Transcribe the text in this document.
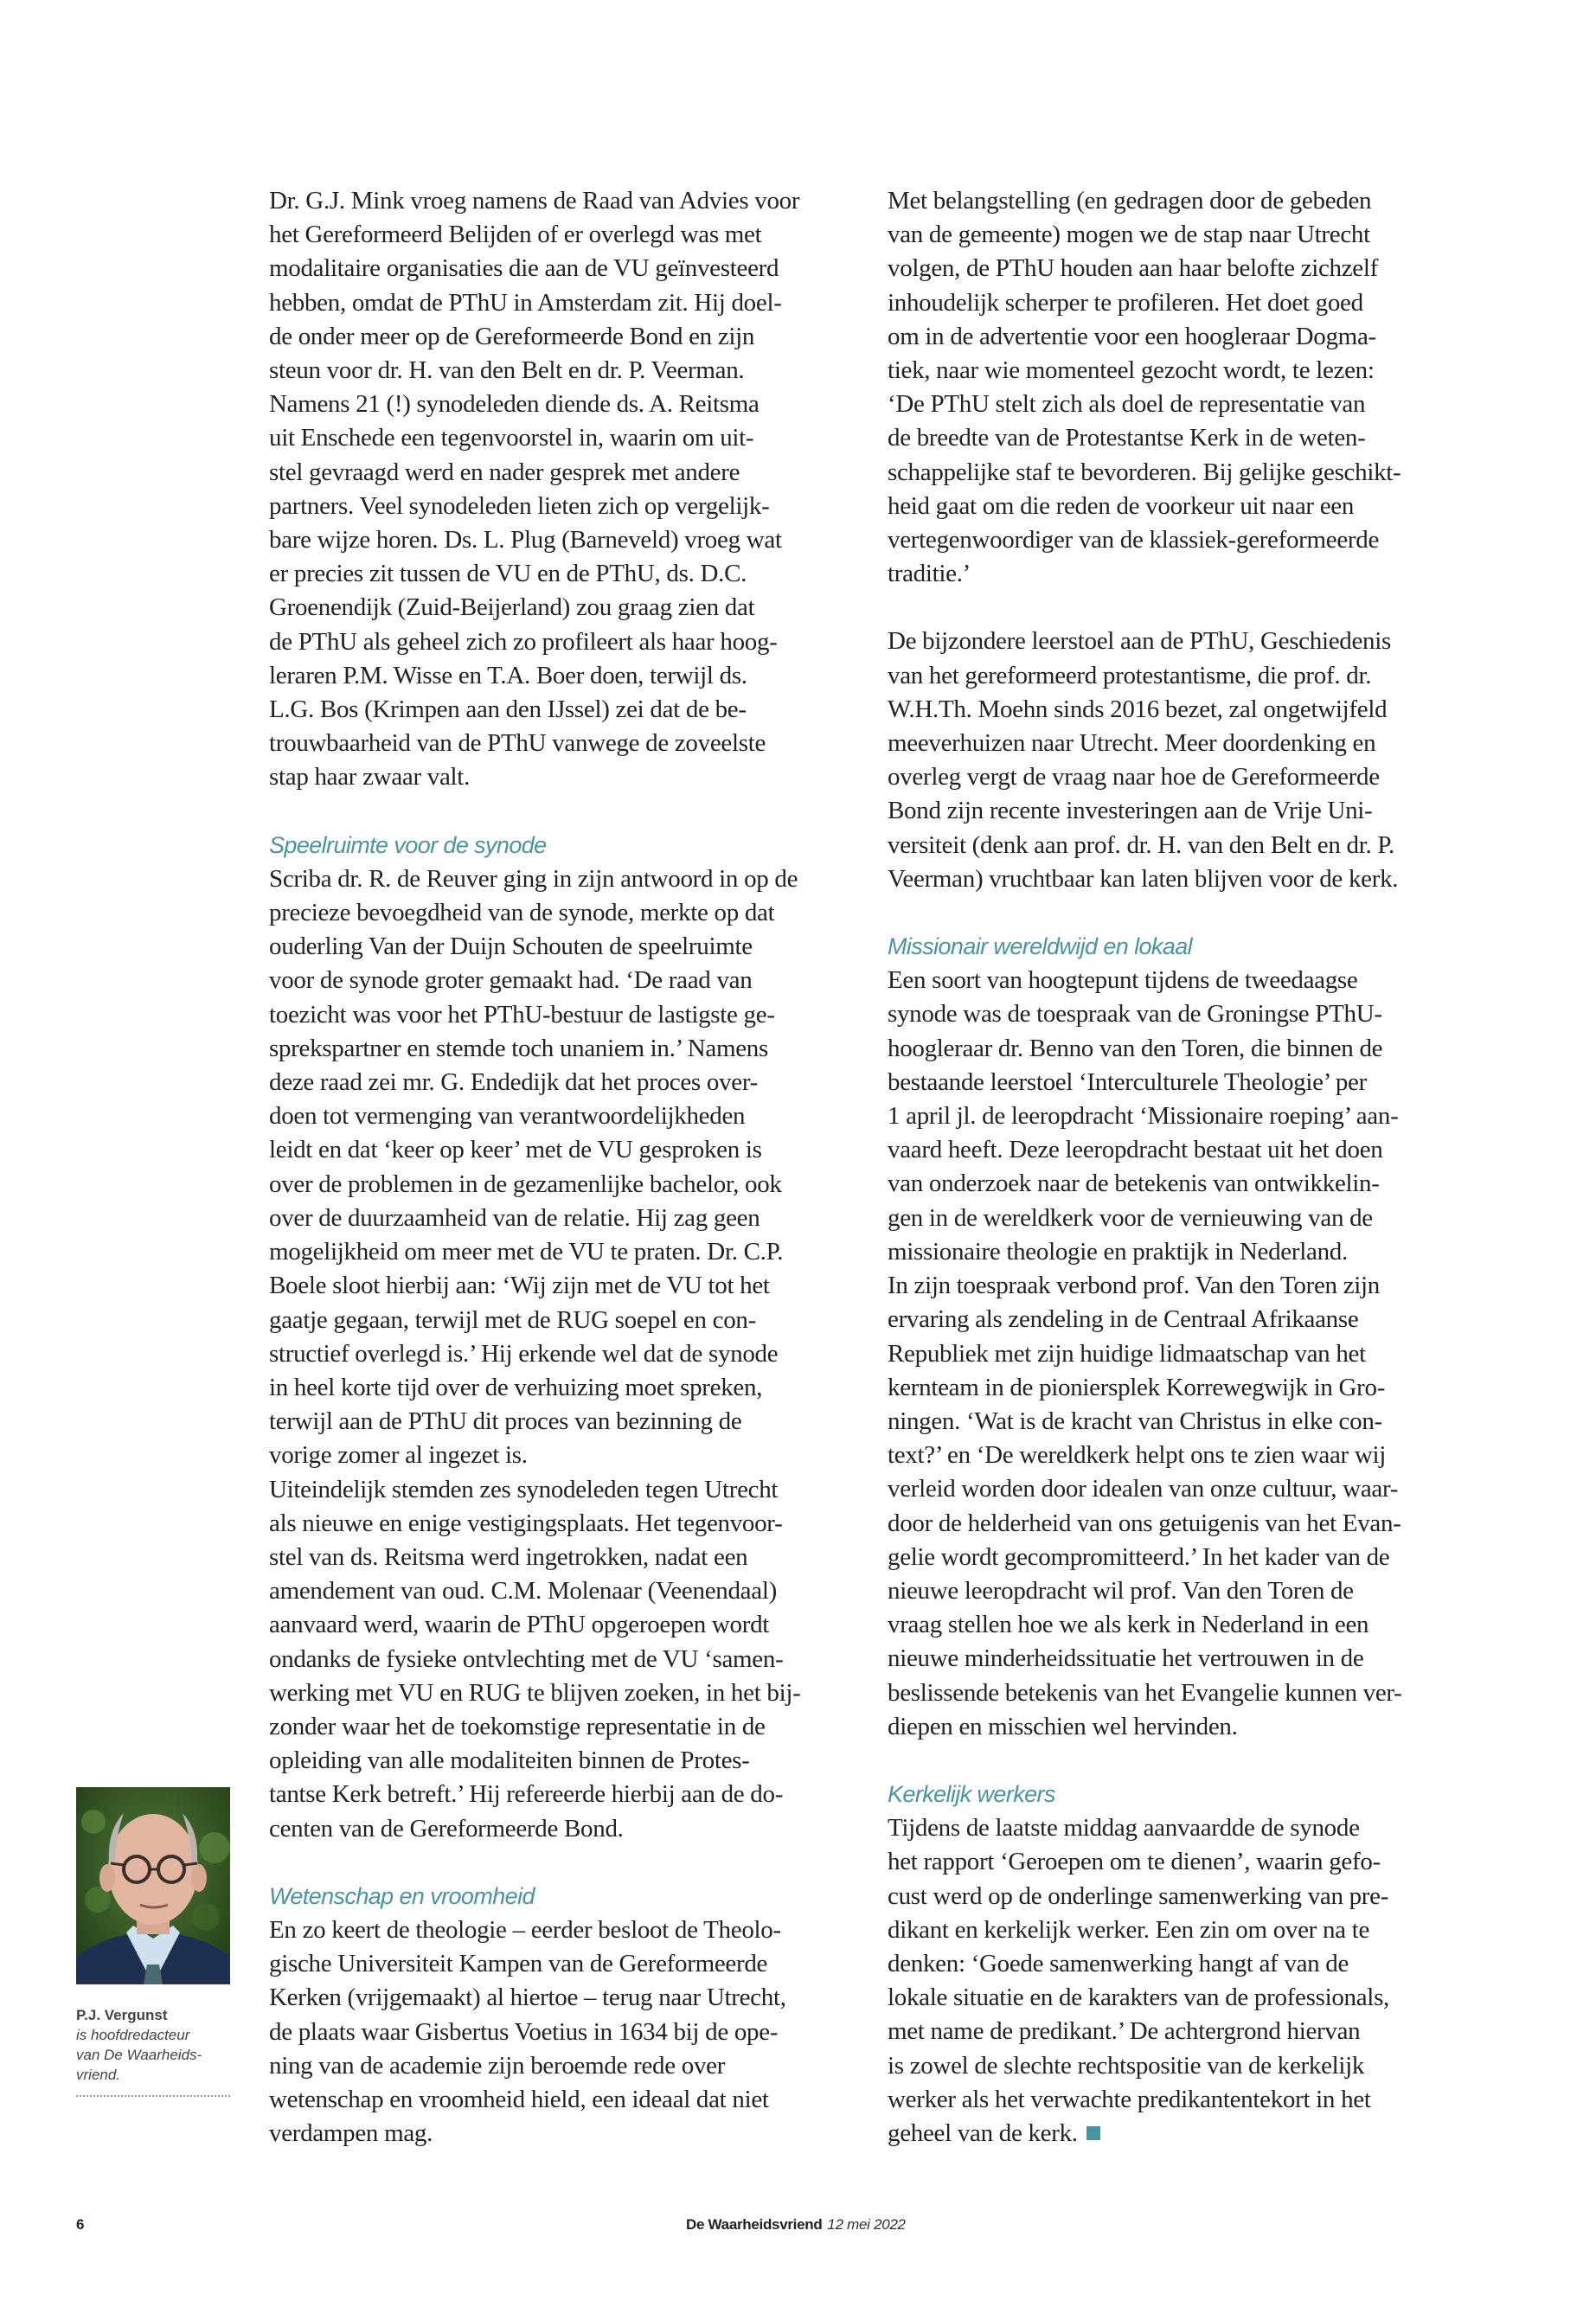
Dr. G.J. Mink vroeg namens de Raad van Advies voor
het Gereformeerd Belijden of er overlegd was met
modalitaire organisaties die aan de VU geïnvesteerd
hebben, omdat de PThU in Amsterdam zit. Hij doel-
de onder meer op de Gereformeerde Bond en zijn
steun voor dr. H. van den Belt en dr. P. Veerman.
Namens 21 (!) synodeleden diende ds. A. Reitsma
uit Enschede een tegenvoorstel in, waarin om uit-
stel gevraagd werd en nader gesprek met andere
partners. Veel synodeleden lieten zich op vergelijk-
bare wijze horen. Ds. L. Plug (Barneveld) vroeg wat
er precies zit tussen de VU en de PThU, ds. D.C.
Groenendijk (Zuid-Beijerland) zou graag zien dat
de PThU als geheel zich zo profileert als haar hoog-
leraren P.M. Wisse en T.A. Boer doen, terwijl ds.
L.G. Bos (Krimpen aan den IJssel) zei dat de be-
trouwbaarheid van de PThU vanwege de zoveelste
stap haar zwaar valt.
Speelruimte voor de synode
Scriba dr. R. de Reuver ging in zijn antwoord in op de
precieze bevoegdheid van de synode, merkte op dat
ouderling Van der Duijn Schouten de speelruimte
voor de synode groter gemaakt had. ‘De raad van
toezicht was voor het PThU-bestuur de lastigste ge-
sprekspartner en stemde toch unaniem in.’ Namens
deze raad zei mr. G. Endedijk dat het proces over-
doen tot vermenging van verantwoordelijkheden
leidt en dat ‘keer op keer’ met de VU gesproken is
over de problemen in de gezamenlijke bachelor, ook
over de duurzaamheid van de relatie. Hij zag geen
mogelijkheid om meer met de VU te praten. Dr. C.P.
Boele sloot hierbij aan: ‘Wij zijn met de VU tot het
gaatje gegaan, terwijl met de RUG soepel en con-
structief overlegd is.’ Hij erkende wel dat de synode
in heel korte tijd over de verhuizing moet spreken,
terwijl aan de PThU dit proces van bezinning de
vorige zomer al ingezet is.
Uiteindelijk stemden zes synodeleden tegen Utrecht
als nieuwe en enige vestigingsplaats. Het tegenvoor-
stel van ds. Reitsma werd ingetrokken, nadat een
amendement van oud. C.M. Molenaar (Veenendaal)
aanvaard werd, waarin de PThU opgeroepen wordt
ondanks de fysieke ontvlechting met de VU ‘samen-
werking met VU en RUG te blijven zoeken, in het bij-
zonder waar het de toekomstige representatie in de
opleiding van alle modaliteiten binnen de Protes-
tantse Kerk betreft.’ Hij refereerde hierbij aan de do-
centen van de Gereformeerde Bond.
Wetenschap en vroomheid
En zo keert de theologie – eerder besloot de Theolo-
gische Universiteit Kampen van de Gereformeerde
Kerken (vrijgemaakt) al hiertoe – terug naar Utrecht,
de plaats waar Gisbertus Voetius in 1634 bij de ope-
ning van de academie zijn beroemde rede over
wetenschap en vroomheid hield, een ideaal dat niet
verdampen mag.
Met belangstelling (en gedragen door de gebeden
van de gemeente) mogen we de stap naar Utrecht
volgen, de PThU houden aan haar belofte zichzelf
inhoudelijk scherper te profileren. Het doet goed
om in de advertentie voor een hoogleraar Dogma-
tiek, naar wie momenteel gezocht wordt, te lezen:
‘De PThU stelt zich als doel de representatie van
de breedte van de Protestantse Kerk in de weten-
schappelijke staf te bevorderen. Bij gelijke geschikt-
heid gaat om die reden de voorkeur uit naar een
vertegenwoordiger van de klassiek-gereformeerde
traditie.’
De bijzondere leerstoel aan de PThU, Geschiedenis
van het gereformeerd protestantisme, die prof. dr.
W.H.Th. Moehn sinds 2016 bezet, zal ongetwijfeld
meeverhuizen naar Utrecht. Meer doordenking en
overleg vergt de vraag naar hoe de Gereformeerde
Bond zijn recente investeringen aan de Vrije Uni-
versiteit (denk aan prof. dr. H. van den Belt en dr. P.
Veerman) vruchtbaar kan laten blijven voor de kerk.
Missionair wereldwijd en lokaal
Een soort van hoogtepunt tijdens de tweedaagse
synode was de toespraak van de Groningse PThU-
hoogleraar dr. Benno van den Toren, die binnen de
bestaande leerstoel ‘Interculturele Theologie’ per
1 april jl. de leeropdracht ‘Missionaire roeping’ aan-
vaard heeft. Deze leeropdracht bestaat uit het doen
van onderzoek naar de betekenis van ontwikkelin-
gen in de wereldkerk voor de vernieuwing van de
missionaire theologie en praktijk in Nederland.
In zijn toespraak verbond prof. Van den Toren zijn
ervaring als zendeling in de Centraal Afrikaanse
Republiek met zijn huidige lidmaatschap van het
kernteam in de pioniersplek Korrewegwijk in Gro-
ningen. ‘Wat is de kracht van Christus in elke con-
text?’ en ‘De wereldkerk helpt ons te zien waar wij
verleid worden door idealen van onze cultuur, waar-
door de helderheid van ons getuigenis van het Evan-
gelie wordt gecompromitteerd.’ In het kader van de
nieuwe leeropdracht wil prof. Van den Toren de
vraag stellen hoe we als kerk in Nederland in een
nieuwe minderheidssituatie het vertrouwen in de
beslissende betekenis van het Evangelie kunnen ver-
diepen en misschien wel hervinden.
Kerkelijk werkers
Tijdens de laatste middag aanvaardde de synode
het rapport ‘Geroepen om te dienen’, waarin gefo-
cust werd op de onderlinge samenwerking van pre-
dikant en kerkelijk werker. Een zin om over na te
denken: ‘Goede samenwerking hangt af van de
lokale situatie en de karakters van de professionals,
met name de predikant.’ De achtergrond hiervan
is zowel de slechte rechtspositie van de kerkelijk
werker als het verwachte predikantentekort in het
geheel van de kerk.
P.J. Vergunst
is hoofdredacteur
van De Waarheids-
vriend.
6	De Waarheidsvriend 12 mei 2022
